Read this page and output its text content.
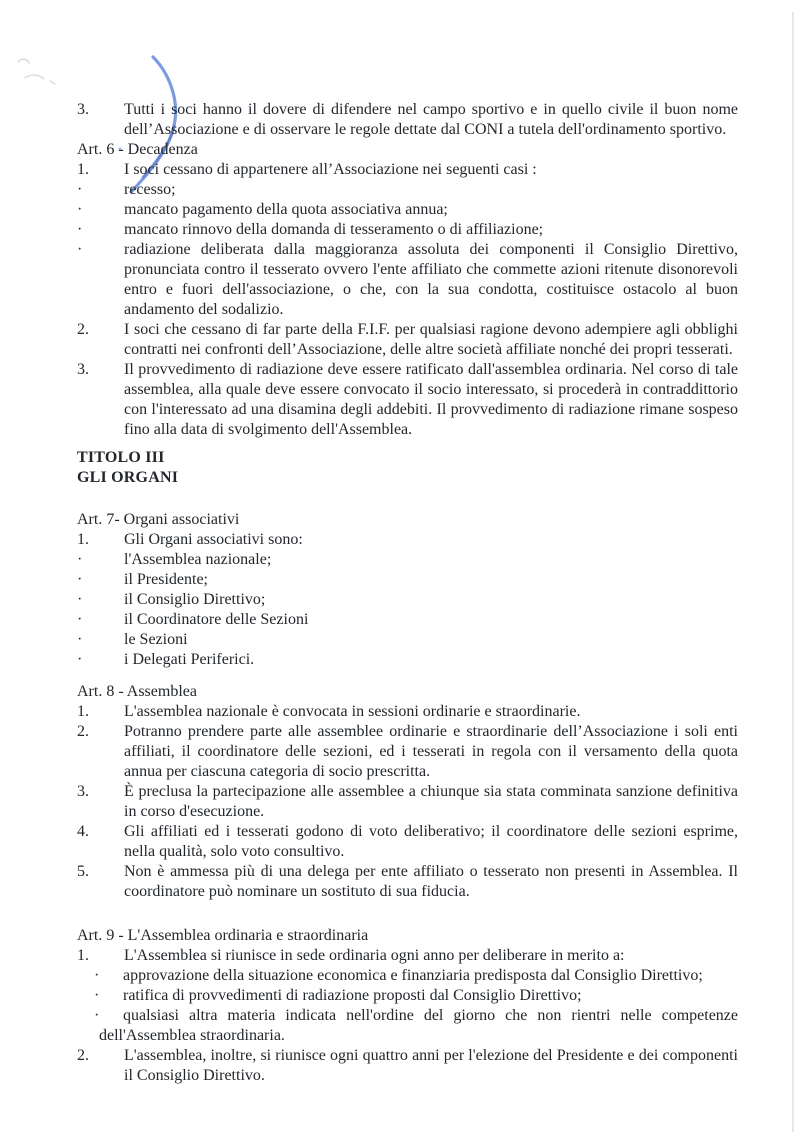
3. Tutti i soci hanno il dovere di difendere nel campo sportivo e in quello civile il buon nome dell’Associazione e di osservare le regole dettate dal CONI a tutela dell'ordinamento sportivo.

Art. 6 - Decadenza

1. I soci cessano di appartenere all’Associazione nei seguenti casi :

·	recesso;

·	mancato pagamento della quota associativa annua;

·	mancato rinnovo della domanda di tesseramento o di affiliazione;

·	radiazione deliberata dalla maggioranza assoluta dei componenti il Consiglio Direttivo, pronunciata contro il tesserato ovvero l'ente affiliato che commette azioni ritenute disonorevoli entro e fuori dell'associazione, o che, con la sua condotta, costituisce ostacolo al buon andamento del sodalizio.

2. I soci che cessano di far parte della F.I.F. per qualsiasi ragione devono adempiere agli obblighi contratti nei confronti dell’Associazione, delle altre società affiliate nonché dei propri tesserati.

3. Il provvedimento di radiazione deve essere ratificato dall'assemblea ordinaria. Nel corso di tale assemblea, alla quale deve essere convocato il socio interessato, si procederà in contraddittorio con l'interessato ad una disamina degli addebiti. Il provvedimento di radiazione rimane sospeso fino alla data di svolgimento dell'Assemblea.

TITOLO III

GLI ORGANI

Art. 7- Organi associativi

1. Gli Organi associativi sono:

·	l'Assemblea nazionale;

·	il Presidente;

·	il Consiglio Direttivo;

·	il Coordinatore delle Sezioni

·	le Sezioni

·	i Delegati Periferici.

Art. 8 - Assemblea

1. L'assemblea nazionale è convocata in sessioni ordinarie e straordinarie.

2. Potranno prendere parte alle assemblee ordinarie e straordinarie dell’Associazione i soli enti affiliati, il coordinatore delle sezioni, ed i tesserati in regola con il versamento della quota annua per ciascuna categoria di socio prescritta.

3. È preclusa la partecipazione alle assemblee a chiunque sia stata comminata sanzione definitiva in corso d'esecuzione.

4. Gli affiliati ed i tesserati godono di voto deliberativo; il coordinatore delle sezioni esprime, nella qualità, solo voto consultivo.

5. Non è ammessa più di una delega per ente affiliato o tesserato non presenti in Assemblea. Il coordinatore può nominare un sostituto di sua fiducia.

Art. 9 - L'Assemblea ordinaria e straordinaria

1. L'Assemblea si riunisce in sede ordinaria ogni anno per deliberare in merito a:

· approvazione della situazione economica e finanziaria predisposta dal Consiglio Direttivo;

· ratifica di provvedimenti di radiazione proposti dal Consiglio Direttivo;

· qualsiasi altra materia indicata nell'ordine del giorno che non rientri nelle competenze dell'Assemblea straordinaria.

2. L'assemblea, inoltre, si riunisce ogni quattro anni per l'elezione del Presidente e dei componenti il Consiglio Direttivo.
